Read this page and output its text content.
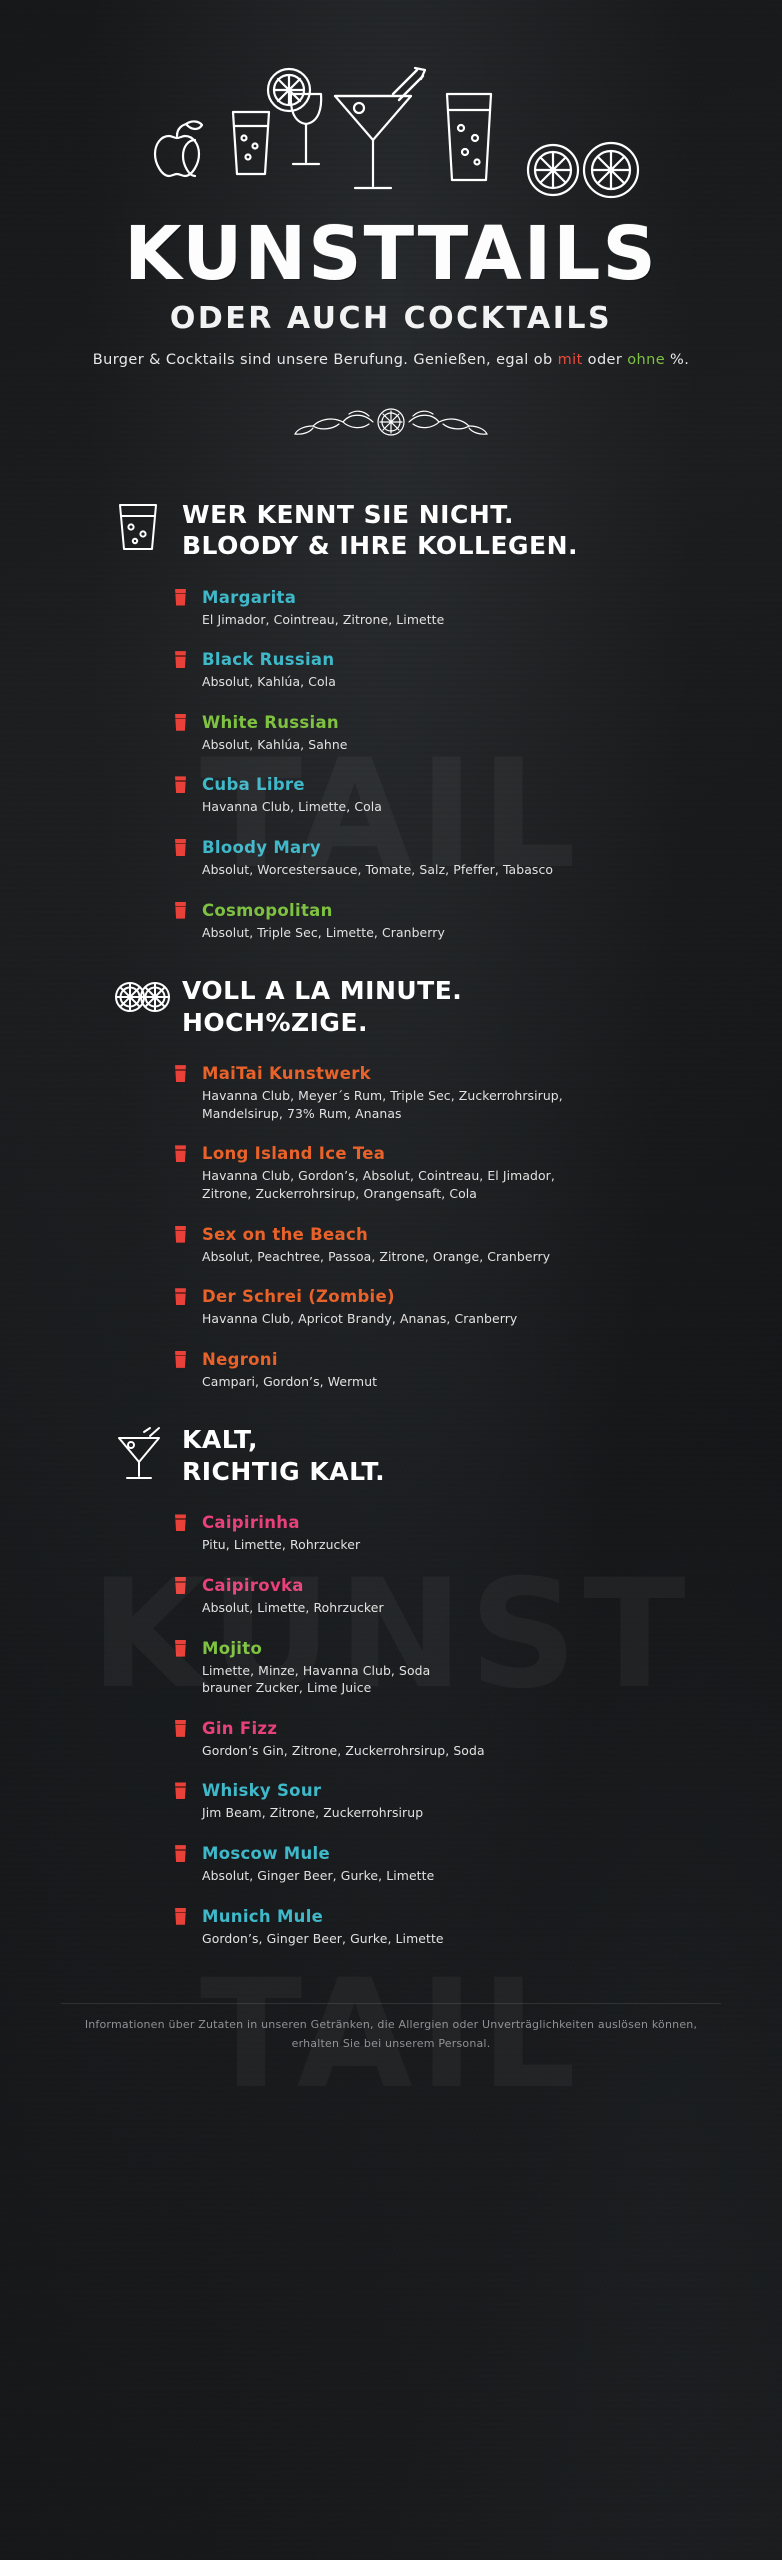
KUNSTTAILS
ODER AUCH COCKTAILS
Burger & Cocktails sind unsere Berufung. Genießen, egal ob mit oder ohne %.
WER KENNT SIE NICHT.
BLOODY & IHRE KOLLEGEN.
Margarita
El Jimador, Cointreau, Zitrone, Limette
Black Russian
Absolut, Kahlúa, Cola
White Russian
Absolut, Kahlúa, Sahne
Cuba Libre
Havanna Club, Limette, Cola
Bloody Mary
Absolut, Worcestersauce, Tomate, Salz, Pfeffer, Tabasco
Cosmopolitan
Absolut, Triple Sec, Limette, Cranberry
VOLL A LA MINUTE.
HOCH%ZIGE.
MaiTai Kunstwerk
Havanna Club, Meyer´s Rum, Triple Sec, Zuckerrohrsirup,
Mandelsirup, 73% Rum, Ananas
Long Island Ice Tea
Havanna Club, Gordon’s, Absolut, Cointreau, El Jimador,
Zitrone, Zuckerrohrsirup, Orangensaft, Cola
Sex on the Beach
Absolut, Peachtree, Passoa, Zitrone, Orange, Cranberry
Der Schrei (Zombie)
Havanna Club, Apricot Brandy, Ananas, Cranberry
Negroni
Campari, Gordon’s, Wermut
KALT,
RICHTIG KALT.
Caipirinha
Pitu, Limette, Rohrzucker
Caipirovka
Absolut, Limette, Rohrzucker
Mojito
Limette, Minze, Havanna Club, Soda
brauner Zucker, Lime Juice
Gin Fizz
Gordon’s Gin, Zitrone, Zuckerrohrsirup, Soda
Whisky Sour
Jim Beam, Zitrone, Zuckerrohrsirup
Moscow Mule
Absolut, Ginger Beer, Gurke, Limette
Munich Mule
Gordon’s, Ginger Beer, Gurke, Limette
Informationen über Zutaten in unseren Getränken, die Allergien oder Unverträglichkeiten auslösen können,
erhalten Sie bei unserem Personal.
